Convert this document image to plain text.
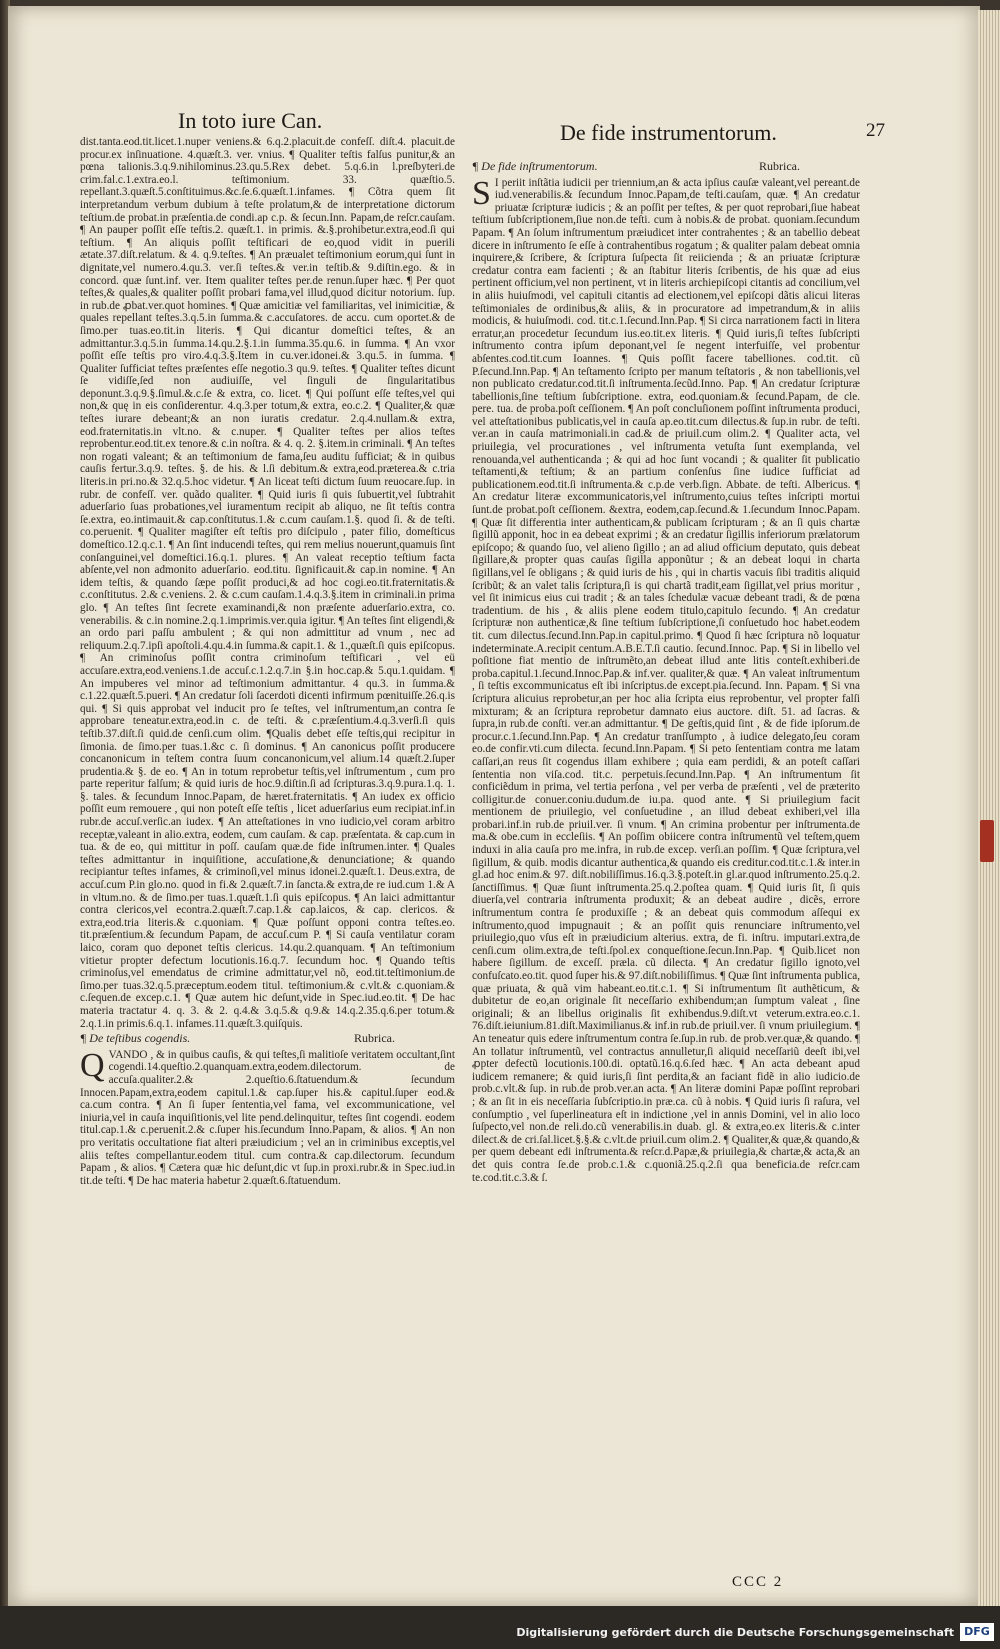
In toto iure Can.	De fide instrumentorum.	27

dist.tanta.eod.tit.licet.1.nuper veniens.& 6.q.2.placuit.de confeſſ. diſt.4. placuit.de procur.ex inſinuatione. 4.quæſt.3. ver. vnius. ¶ Qualiter teſtis falſus punitur,& an pœna talionis.3.q.9.nihilominus.23.qu.5.Rex debet. 5.q.6.in l.preſbyteri.de crim.fal.c.1.extra.eo.l. teſtimonium. 33. quæſtio.5. repellant.3.quæſt.5.conſtituimus.&c.ſe.6.quæſt.1.infames. ¶ Cõtra quem ſit interpretandum verbum dubium à teſte prolatum,& de interpretatione dictorum teſtium.de probat.in præſentia.de condi.ap c.p. & ſecun.Inn. Papam,de reſcr.cauſam. ¶ An pauper poſſit eſſe teſtis.2. quæſt.1. in primis. &.§.prohibetur.extra,eod.ſi qui teſtium. ¶ An aliquis poſſit teſtificari de eo,quod vidit in puerili ætate.37.diſt.relatum. & 4. q.9.teſtes. ¶ An præualet teſtimonium eorum,qui ſunt in dignitate,vel numero.4.qu.3. ver.ſi teſtes.& ver.in teſtib.& 9.diſtin.ego. & in concord. quæ ſunt.inf. ver. Item qualiter teſtes per.de renun.ſuper hæc. ¶ Per quot teſtes,& quales,& qualiter poſſit probari fama,vel illud,quod dicitur notorium. ſup. in rub.de ꝓbat.ver.quot homines. ¶ Quæ amicitiæ vel familiaritas, vel inimicitiæ, & quales repellant teſtes.3.q.5.in ſumma.& c.accuſatores. de accu. cum oportet.& de ſimo.per tuas.eo.tit.in literis. ¶ Qui dicantur domeſtici teſtes, & an admittantur.3.q.5.in ſumma.14.qu.2.§.1.in ſumma.35.qu.6. in ſumma. ¶ An vxor poſſit eſſe teſtis pro viro.4.q.3.§.Item in cu.ver.idonei.& 3.qu.5. in ſumma. ¶ Qualiter ſufficiat teſtes præſentes eſſe negotio.3 qu.9. teſtes. ¶ Qualiter teſtes dicunt ſe vidiſſe,ſed non audiuiſſe, vel ſinguli de ſingularitatibus deponunt.3.q.9.§.ſimul.&.c.ſe & extra, co. licet. ¶ Qui poſſunt eſſe teſtes,vel qui non,& quę in eis conſiderentur. 4.q.3.per totum,& extra, eo.c.2. ¶ Qualiter,& quæ teſtes iurare debeant;& an non iuratis credatur. 2.q.4.nullam.& extra, eod.fraternitatis.in vlt.no. & c.nuper. ¶ Qualiter teſtes per alios teſtes reprobentur.eod.tit.ex tenore.& c.in noſtra. & 4. q. 2. §.item.in criminali. ¶ An teſtes non rogati valeant; & an teſtimonium de fama,ſeu auditu ſufficiat; & in quibus cauſis fertur.3.q.9. teſtes. §. de his. & l.ſi debitum.& extra,eod.præterea.& c.tria literis.in pri.no.& 32.q.5.hoc videtur. ¶ An liceat teſti dictum ſuum reuocare.ſup. in rubr. de confeſſ. ver. quãdo qualiter. ¶ Quid iuris ſi quis ſubuertit,vel ſubtrahit aduerſario ſuas probationes,vel iuramentum recipit ab aliquo, ne ſit teſtis contra ſe.extra, eo.intimauit.& cap.conſtitutus.1.& c.cum cauſam.1.§. quod ſi. & de teſti. co.peruenit. ¶ Qualiter magiſter eſt teſtis pro diſcipulo , pater filio, domeſticus domeſtico.12.q.c.1. ¶ An ſint inducendi teſtes, qui rem melius nouerunt,quamuis ſint conſanguinei,vel domeſtici.16.q.1. plures. ¶ An valeat receptio teſtium facta abſente,vel non admonito aduerſario. eod.titu. ſignificauit.& cap.in nomine. ¶ An idem teſtis, & quando ſæpe poſſit produci,& ad hoc cogi.eo.tit.fraternitatis.& c.conſtitutus. 2.& c.veniens. 2. & c.cum cauſam.1.4.q.3.§.item in criminali.in prima glo. ¶ An teſtes ſint ſecrete examinandi,& non præſente aduerſario.extra, co. venerabilis. & c.in nomine.2.q.1.imprimis.ver.quia igitur. ¶ An teſtes ſint eligendi,& an ordo pari paſſu ambulent ; & qui non admittitur ad vnum , nec ad reliquum.2.q.7.ipſi apoſtoli.4.qu.4.in ſumma.& capit.1. & 1.,quæſt.ſi quis epiſcopus. ¶ An criminoſus poſſit contra criminoſum teſtificari , vel eü accuſare.extra,eod.veniens.1.de accuſ.c.1.2.q.7.in §.in hoc.cap.& 5.qu.1.quidam. ¶ An impuberes vel minor ad teſtimonium admittantur. 4 qu.3. in ſumma.& c.1.22.quæſt.5.pueri. ¶ An credatur ſoli ſacerdoti dicenti infirmum pœnituiſſe.26.q.is qui. ¶ Si quis approbat vel inducit pro ſe teſtes, vel inſtrumentum,an contra ſe approbare teneatur.extra,eod.in c. de teſti. & c.præſentium.4.q.3.verſi.ſi quis teſtib.37.diſt.ſi quid.de cenſi.cum olim. ¶Qualis debet eſſe teſtis,qui recipitur in ſimonia. de ſimo.per tuas.1.&c c. ſi dominus. ¶ An canonicus poſſit producere concanonicum in teſtem contra ſuum concanonicum,vel alium.14 quæſt.2.ſuper prudentia.& §. de eo. ¶ An in totum reprobetur teſtis,vel inſtrumentum , cum pro parte reperitur falſum; & quid iuris de hoc.9.diſtin.ſi ad ſcripturas.3.q.9.pura.1.q. 1. §. tales. & ſecundum Innoc.Papam, de hæret.fraternitatis. ¶ An iudex ex officio poſſit eum remouere , qui non poteſt eſſe teſtis , licet aduerſarius eum recipiat.inf.in rubr.de accuſ.verſic.an iudex. ¶ An atteſtationes in vno iudicio,vel coram arbitro receptæ,valeant in alio.extra, eodem, cum cauſam. & cap. præſentata. & cap.cum in tua. & de eo, qui mittitur in poſſ. cauſam quæ.de fide inſtrumen.inter. ¶ Quales teſtes admittantur in inquiſitione, accuſatione,& denunciatione; & quando recipiantur teſtes infames, & criminoſi,vel minus idonei.2.quæſt.1. Deus.extra, de accuſ.cum P.in glo.no. quod in fi.& 2.quæſt.7.in ſancta.& extra,de re iud.cum 1.& A in vltum.no. & de ſimo.per tuas.1.quæſt.1.ſi quis epiſcopus. ¶ An laici admittantur contra clericos,vel econtra.2.quæſt.7.cap.1.& cap.laicos, & cap. clericos. & extra,eod.tria literis.& c.quoniam. ¶ Quæ poſſunt opponi contra teſtes.eo. tit.præſentium.& ſecundum Papam, de accuſ.cum P. ¶ Si cauſa ventilatur coram laico, coram quo deponet teſtis clericus. 14.qu.2.quanquam. ¶ An teſtimonium vitietur propter defectum locutionis.16.q.7. ſecundum hoc. ¶ Quando teſtis criminoſus,vel emendatus de crimine admittatur,vel nõ, eod.tit.teſtimonium.de ſimo.per tuas.32.q.5.præceptum.eodem titul. teſtimonium.& c.vlt.& c.quoniam.& c.ſequen.de excep.c.1. ¶ Quæ autem hic deſunt,vide in Spec.iud.eo.tit. ¶ De hac materia tractatur 4. q. 3. & 2. q.4.& 3.q.5.& q.9.& 14.q.2.35.q.6.per totum.& 2.q.1.in primis.6.q.1. infames.11.quæſt.3.quiſquis.

¶ De teſtibus cogendis.	Rubrica.

QVANDO , & in quibus cauſis, & qui teſtes,ſi malitioſe veritatem occultant,ſint cogendi.14.queſtio.2.quanquam.extra,eodem.dilectorum. de accuſa.qualiter.2.& 2.queſtio.6.ſtatuendum.& ſecundum Innocen.Papam,extra,eodem capitul.1.& cap.ſuper his.& capitul.ſuper eod.& ca.cum contra. ¶ An ſi ſuper ſententia,vel fama, vel excommunicatione, vel iniuria,vel in cauſa inquiſitionis,vel lite pend.delinquitur, teſtes ſint cogendi. eodem titul.cap.1.& c.peruenit.2.& c.ſuper his.ſecundum Inno.Papam, & alios. ¶ An non pro veritatis occultatione fiat alteri præiudicium ; vel an in criminibus exceptis,vel aliis teſtes compellantur.eodem titul. cum contra.& cap.dilectorum. ſecundum Papam , & alios. ¶ Cætera quæ hic deſunt,dic vt ſup.in proxi.rubr.& in Spec.iud.in tit.de teſti. ¶ De hac materia habetur 2.quæſt.6.ſtatuendum.

¶ De fide inſtrumentorum.	Rubrica.

S I periit inſtãtia iudicii per triennium,an & acta ipſius cauſæ valeant,vel pereant.de iud.venerabilis.& ſecundum Innoc.Papam,de teſti.cauſam, quæ. ¶ An credatur priuatæ ſcripturæ iudicis ; & an poſſit per teſtes, & per quot reprobari,ſiue habeat teſtium ſubſcriptionem,ſiue non.de teſti. cum à nobis.& de probat. quoniam.ſecundum Papam. ¶ An ſolum inſtrumentum præiudicet inter contrahentes ; & an tabellio debeat dicere in inſtrumento ſe eſſe à contrahentibus rogatum ; & qualiter palam debeat omnia inquirere,& ſcribere, & ſcriptura ſuſpecta ſit reiicienda ; & an priuatæ ſcripturæ credatur contra eam facienti ; & an ſtabitur literis ſcribentis, de his quæ ad eius pertinent officium,vel non pertinent, vt in literis archiepiſcopi citantis ad concilium,vel in aliis huiuſmodi, vel capituli citantis ad electionem,vel epiſcopi dãtis alicui literas teſtimoniales de ordinibus,& aliis, & in procuratore ad impetrandum,& in aliis modicis, & huiuſmodi. cod. tit.c.1.ſecund.Inn.Pap. ¶ Si circa narrationem facti in litera erratur,an procedetur ſecundum ius.eo.tit.ex literis. ¶ Quid iuris,ſi teſtes ſubſcripti inſtrumento contra ipſum deponant,vel ſe negent interfuiſſe, vel probentur abſentes.cod.tit.cum Ioannes. ¶ Quis poſſit facere tabelliones. cod.tit. cũ P.ſecund.Inn.Pap. ¶ An teſtamento ſcripto per manum teſtatoris , & non tabellionis,vel non publicato credatur.cod.tit.ſi inſtrumenta.ſecũd.Inno. Pap. ¶ An credatur ſcripturæ tabellionis,ſine teſtium ſubſcriptione. extra, eod.quoniam.& ſecund.Papam, de cle. pere. tua. de proba.poſt ceſſionem. ¶ An poſt concluſionem poſſint inſtrumenta produci, vel atteſtationibus publicatis,vel in cauſa ap.eo.tit.cum dilectus.& ſup.in rubr. de teſti. ver.an in cauſa matrimoniali.in cad.& de priuil.cum olim.2. ¶ Qualiter acta, vel priuilegia, vel procurationes , vel inſtrumenta vetuſta ſunt exemplanda, vel renouanda,vel authenticanda ; & qui ad hoc ſunt vocandi ; & qualiter ſit publicatio teſtamenti,& teſtium; & an partium conſenſus ſine iudice ſufficiat ad publicationem.eod.tit.ſi inſtrumenta.& c.p.de verb.ſign. Abbate. de teſti. Albericus. ¶ An credatur literæ excommunicatoris,vel inſtrumento,cuius teſtes inſcripti mortui ſunt.de probat.poſt ceſſionem. &extra, eodem,cap.ſecund.& 1.ſecundum Innoc.Papam. ¶ Quæ ſit differentia inter authenticam,& publicam ſcripturam ; & an ſi quis chartæ ſigillũ apponit, hoc in ea debeat exprimi ; & an credatur ſigillis inferiorum prælatorum epiſcopo; & quando ſuo, vel alieno ſigillo ; an ad aliud officium deputato, quis debeat ſigillare,& propter quas cauſas ſigilla apponũtur ; & an debeat loqui in charta ſigillans,vel ſe obligans ; & quid iuris de his , qui in chartis vacuis ſibi traditis aliquid ſcribũt; & an valet talis ſcriptura,ſi is qui chartã tradit,eam ſigillat,vel prius moritur , vel ſit inimicus eius cui tradit ; & an tales ſchedulæ vacuæ debeant tradi, & de pœna tradentium. de his , & aliis plene eodem titulo,capitulo ſecundo. ¶ An credatur ſcripturæ non authenticæ,& ſine teſtium ſubſcriptione,ſi conſuetudo hoc habet.eodem tit. cum dilectus.ſecund.Inn.Pap.in capitul.primo. ¶ Quod ſi hæc ſcriptura nõ loquatur indeterminate.A.recipit centum.A.B.E.T.ſi cautio. ſecund.Innoc. Pap. ¶ Si in libello vel poſitione fiat mentio de inſtrumẽto,an debeat illud ante litis conteſt.exhiberi.de proba.capitul.1.ſecund.Innoc.Pap.& inf.ver. qualiter,& quæ. ¶ An valeat inſtrumentum , ſi teſtis excommunicatus eſt ibi inſcriptus.de except.pia.ſecund. Inn. Papam. ¶ Si vna ſcriptura alicuius reprobetur,an per hoc alia ſcripta eius reprobentur, vel propter falſi mixturam; & an ſcriptura reprobetur damnato eius auctore. diſt. 51. ad ſacras. & ſupra,in rub.de conſti. ver.an admittantur. ¶ De geſtis,quid ſint , & de fide ipſorum.de procur.c.1.ſecund.Inn.Pap. ¶ An credatur tranſſumpto , à iudice delegato,ſeu coram eo.de confir.vti.cum dilecta. ſecund.Inn.Papam. ¶ Si peto ſententiam contra me latam caſſari,an reus ſit cogendus illam exhibere ; quia eam perdidi, & an poteſt caſſari ſententia non viſa.cod. tit.c. perpetuis.ſecund.Inn.Pap. ¶ An inſtrumentum ſit conficiẽdum in prima, vel tertia perſona , vel per verba de præſenti , vel de præterito colligitur.de conuer.coniu.dudum.de iu.pa. quod ante. ¶ Si priuilegium facit mentionem de priuilegio, vel conſuetudine , an illud debeat exhiberi,vel illa probari.inf.in rub.de priuil.ver. ſi vnum. ¶ An crimina probentur per inſtrumenta.de ma.& obe.cum in eccleſiis. ¶ An poſſim obiicere contra inſtrumentũ vel teſtem,quem induxi in alia cauſa pro me.infra, in rub.de excep. verſi.an poſſim. ¶ Quæ ſcriptura,vel ſigillum, & quib. modis dicantur authentica,& quando eis creditur.cod.tit.c.1.& inter.in gl.ad hoc enim.& 97. diſt.nobiliſſimus.16.q.3.§.poteſt.in gl.ar.quod inſtrumento.25.q.2. ſanctiſſimus. ¶ Quæ ſiunt inſtrumenta.25.q.2.poſtea quam. ¶ Quid iuris ſit, ſi quis diuerſa,vel contraria inſtrumenta produxit; & an debeat audire , dicẽs, errore inſtrumentum contra ſe produxiſſe ; & an debeat quis commodum aſſequi ex inſtrumento,quod impugnauit ; & an poſſit quis renunciare inſtrumento,vel priuilegio,quo vſus eſt in præiudicium alterius. extra, de fi. inſtru. imputari.extra,de cenſi.cum olim.extra,de teſti.ſpol.ex conqueſtione.ſecun.Inn.Pap. ¶ Quib.licet non habere ſigillum. de exceſſ. præla. cũ dilecta. ¶ An credatur ſigillo ignoto,vel confuſcato.eo.tit. quod ſuper his.& 97.diſt.nobiliſſimus. ¶ Quæ ſint inſtrumenta publica, quæ priuata, & quã vim habeant.eo.tit.c.1. ¶ Si inſtrumentum ſit authẽticum, & dubitetur de eo,an originale ſit neceſſario exhibendum;an ſumptum valeat , ſine originali; & an libellus originalis ſit exhibendus.9.diſt.vt veterum.extra.eo.c.1. 76.diſt.ieiunium.81.diſt.Maximilianus.& inf.in rub.de priuil.ver. ſi vnum priuilegium. ¶ An teneatur quis edere inſtrumentum contra ſe.ſup.in rub. de prob.ver.quæ,& quando. ¶ An tollatur inſtrumentũ, vel contractus annulletur,ſi aliquid neceſſariũ deeſt ibi,vel ꝓpter defectũ locutionis.100.di. optatũ.16.q.6.ſed hæc. ¶ An acta debeant apud iudicem remanere; & quid iuris,ſi ſint perdita,& an faciant fidẽ in alio iudicio.de prob.c.vlt.& ſup. in rub.de prob.ver.an acta. ¶ An literæ domini Papæ poſſint reprobari ; & an ſit in eis neceſſaria ſubſcriptio.in præ.ca. cũ à nobis. ¶ Quid iuris ſi raſura, vel conſumptio , vel ſuperlineatura eſt in indictione ,vel in annis Domini, vel in alio loco ſuſpecto,vel non.de reli.do.cũ venerabilis.in duab. gl. & extra,eo.ex literis.& c.inter dilect.& de cri.ſal.licet.§.§.& c.vlt.de priuil.cum olim.2. ¶ Qualiter,& quæ,& quando,& per quem debeant edi inſtrumenta.& reſcr.d.Papæ,& priuilegia,& chartæ,& acta,& an det quis contra ſe.de prob.c.1.& c.quoniã.25.q.2.ſi qua beneficia.de reſcr.cam te.cod.tit.c.3.& ſ.

CCC 2
Digitalisierung gefördert durch die Deutsche Forschungsgemeinschaft DFG
